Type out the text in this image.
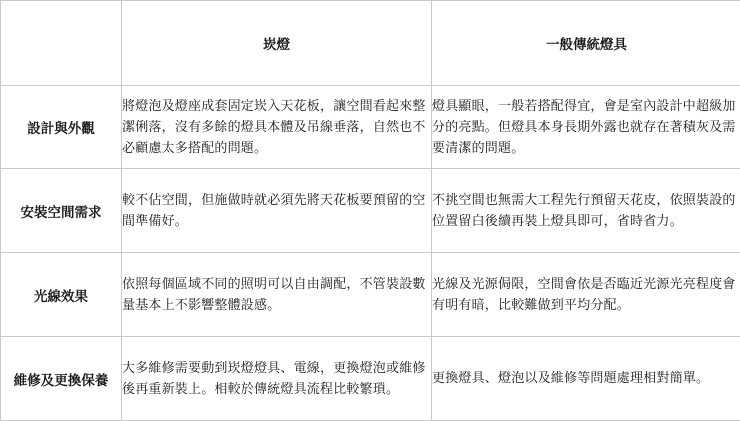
	崁燈	一般傳統燈具
設計與外觀	將燈泡及燈座成套固定崁入天花板，讓空間看起來整潔俐落，沒有多餘的燈具本體及吊線垂落，自然也不必顧慮太多搭配的問題。	燈具顯眼，一般若搭配得宜，會是室內設計中超級加分的亮點。但燈具本身長期外露也就存在著積灰及需要清潔的問題。
安裝空間需求	較不佔空間，但施做時就必須先將天花板要預留的空間準備好。	不挑空間也無需大工程先行預留天花皮，依照裝設的位置留白後續再裝上燈具即可，省時省力。
光線效果	依照每個區域不同的照明可以自由調配，不管裝設數量基本上不影響整體設感。	光線及光源侷限，空間會依是否臨近光源光亮程度會有明有暗，比較難做到平均分配。
維修及更換保養	大多維修需要動到崁燈燈具、電線，更換燈泡或維修後再重新裝上。相較於傳統燈具流程比較繁瑣。	更換燈具、燈泡以及維修等問題處理相對簡單。
